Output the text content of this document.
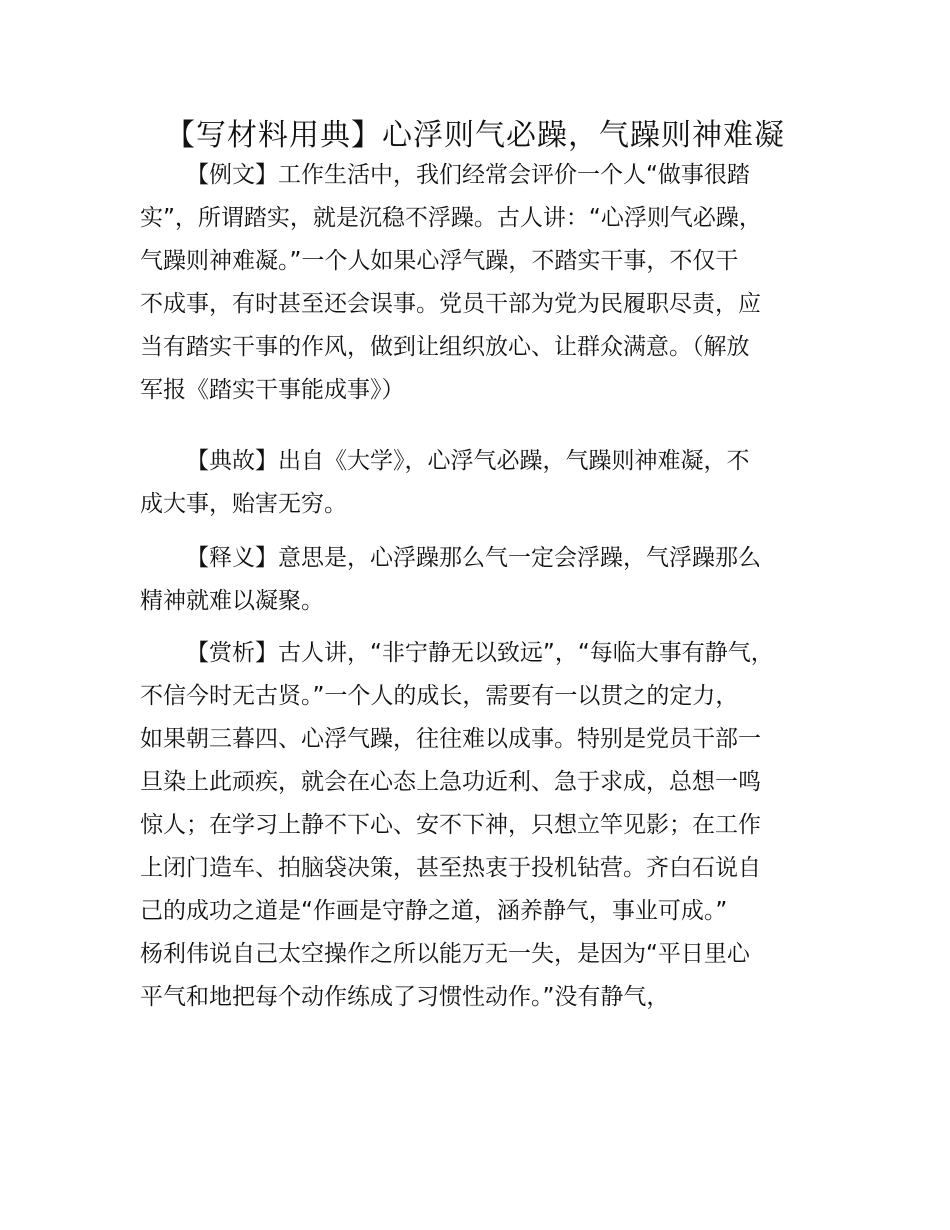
【写材料用典】心浮则气必躁，气躁则神难凝
【例文】工作生活中，我们经常会评价一个人“做事很踏
实”，所谓踏实，就是沉稳不浮躁。古人讲：“心浮则气必躁，
气躁则神难凝。”一个人如果心浮气躁，不踏实干事，不仅干
不成事，有时甚至还会误事。党员干部为党为民履职尽责，应
当有踏实干事的作风，做到让组织放心、让群众满意。（解放
军报《踏实干事能成事》）
【典故】出自《大学》，心浮气必躁，气躁则神难凝，不
成大事，贻害无穷。
【释义】意思是，心浮躁那么气一定会浮躁，气浮躁那么
精神就难以凝聚。
【赏析】古人讲，“非宁静无以致远”，“每临大事有静气，
不信今时无古贤。”一个人的成长，需要有一以贯之的定力，
如果朝三暮四、心浮气躁，往往难以成事。特别是党员干部一
旦染上此顽疾，就会在心态上急功近利、急于求成，总想一鸣
惊人；在学习上静不下心、安不下神，只想立竿见影；在工作
上闭门造车、拍脑袋决策，甚至热衷于投机钻营。齐白石说自
己的成功之道是“作画是守静之道，涵养静气，事业可成。”
杨利伟说自己太空操作之所以能万无一失，是因为“平日里心
平气和地把每个动作练成了习惯性动作。”没有静气，
